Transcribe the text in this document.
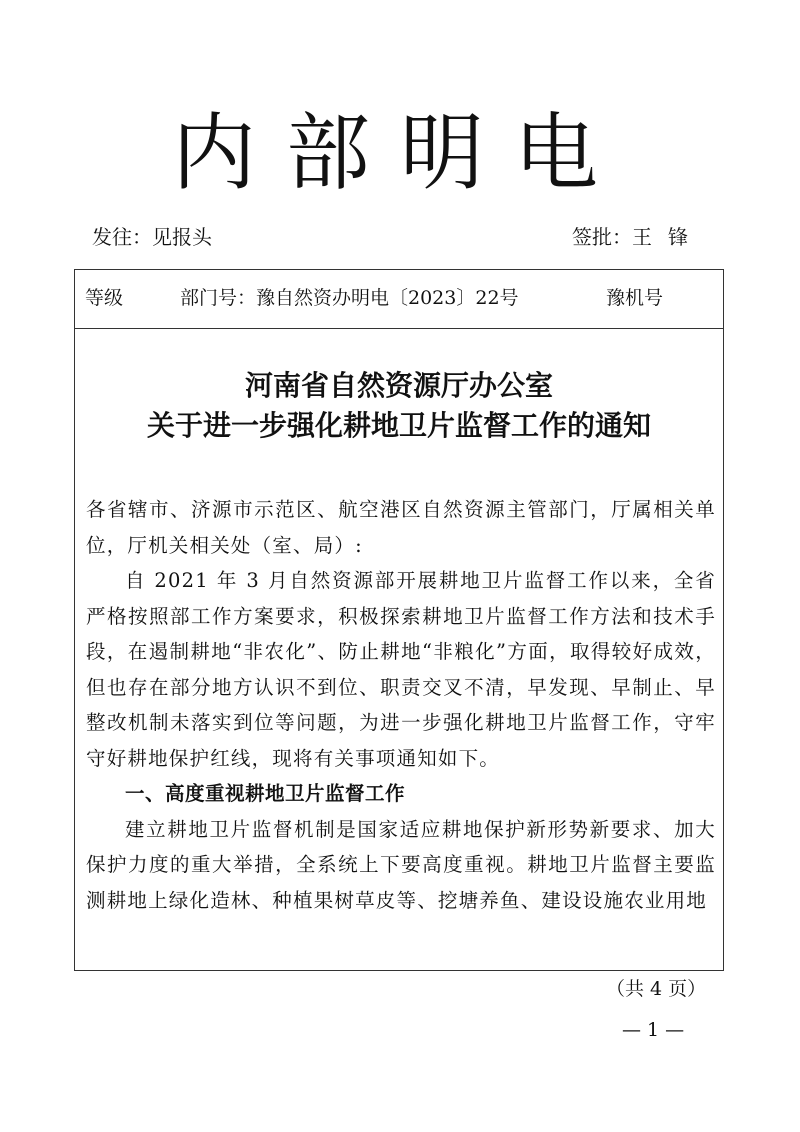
内部明电
发往：见报头	签批：王锋
等级	部门号：豫自然资办明电〔2023〕22号	豫机号
河南省自然资源厅办公室
关于进一步强化耕地卫片监督工作的通知

各省辖市、济源市示范区、航空港区自然资源主管部门，厅属相关单位，厅机关相关处（室、局）:

自 2021 年 3 月自然资源部开展耕地卫片监督工作以来，全省严格按照部工作方案要求，积极探索耕地卫片监督工作方法和技术手段，在遏制耕地“非农化”、防止耕地“非粮化”方面，取得较好成效，但也存在部分地方认识不到位、职责交叉不清，早发现、早制止、早整改机制未落实到位等问题，为进一步强化耕地卫片监督工作，守牢守好耕地保护红线，现将有关事项通知如下。

一、高度重视耕地卫片监督工作

建立耕地卫片监督机制是国家适应耕地保护新形势新要求、加大保护力度的重大举措，全系统上下要高度重视。耕地卫片监督主要监测耕地上绿化造林、种植果树草皮等、挖塘养鱼、建设设施农业用地

（共 4 页）
— 1 —
